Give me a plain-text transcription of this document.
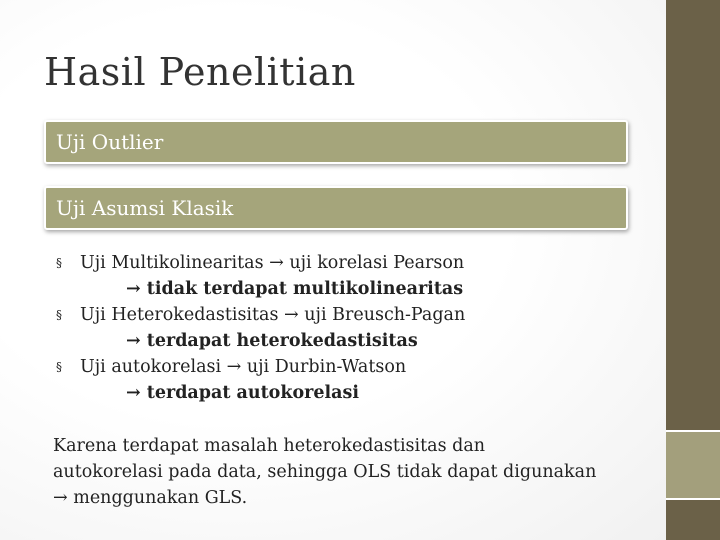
Hasil Penelitian
Uji Outlier
Uji Asumsi Klasik
§	Uji Multikolinearitas → uji korelasi Pearson
→ tidak terdapat multikolinearitas
§	Uji Heterokedastisitas → uji Breusch-Pagan
→ terdapat heterokedastisitas
§	Uji autokorelasi → uji Durbin-Watson
→ terdapat autokorelasi
Karena terdapat masalah heterokedastisitas dan
autokorelasi pada data, sehingga OLS tidak dapat digunakan
→ menggunakan GLS.
